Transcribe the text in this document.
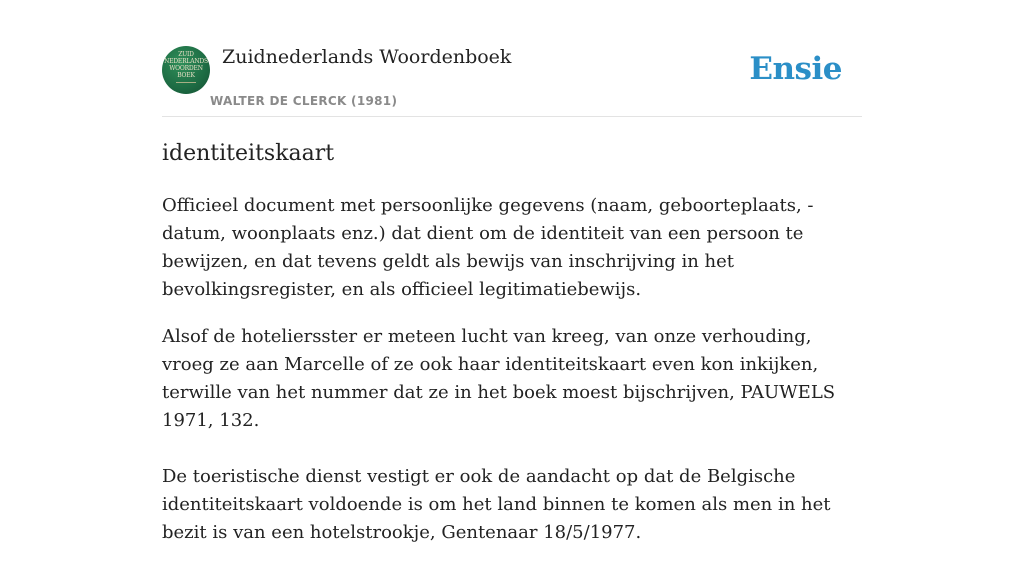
ZUID
NEDERLANDS
WOORDEN
BOEK
Zuidnederlands Woordenboek
WALTER DE CLERCK (1981)
Ensie
identiteitskaart

Officieel document met persoonlijke gegevens (naam, geboorteplaats, -datum, woonplaats enz.) dat dient om de identiteit van een persoon te bewijzen, en dat tevens geldt als bewijs van inschrijving in het bevolkingsregister, en als officieel legitimatiebewijs.

Alsof de hoteliersster er meteen lucht van kreeg, van onze verhouding, vroeg ze aan Marcelle of ze ook haar identiteitskaart even kon inkijken, terwille van het nummer dat ze in het boek moest bijschrijven, PAUWELS 1971, 132.

De toeristische dienst vestigt er ook de aandacht op dat de Belgische identiteitskaart voldoende is om het land binnen te komen als men in het bezit is van een hotelstrookje, Gentenaar 18/5/1977.
